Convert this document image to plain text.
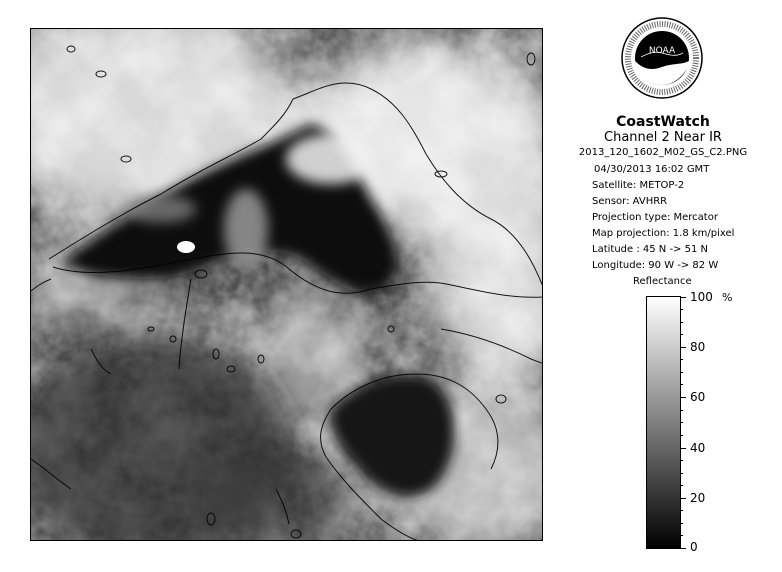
NOAA
CoastWatch
Channel 2 Near IR
2013_120_1602_M02_GS_C2.PNG
04/30/2013 16:02 GMT
Satellite: METOP-2
Sensor: AVHRR
Projection type: Mercator
Map projection: 1.8 km/pixel
Latitude : 45 N -> 51 N
Longitude: 90 W -> 82 W
Reflectance
%
100
80
60
40
20
0
